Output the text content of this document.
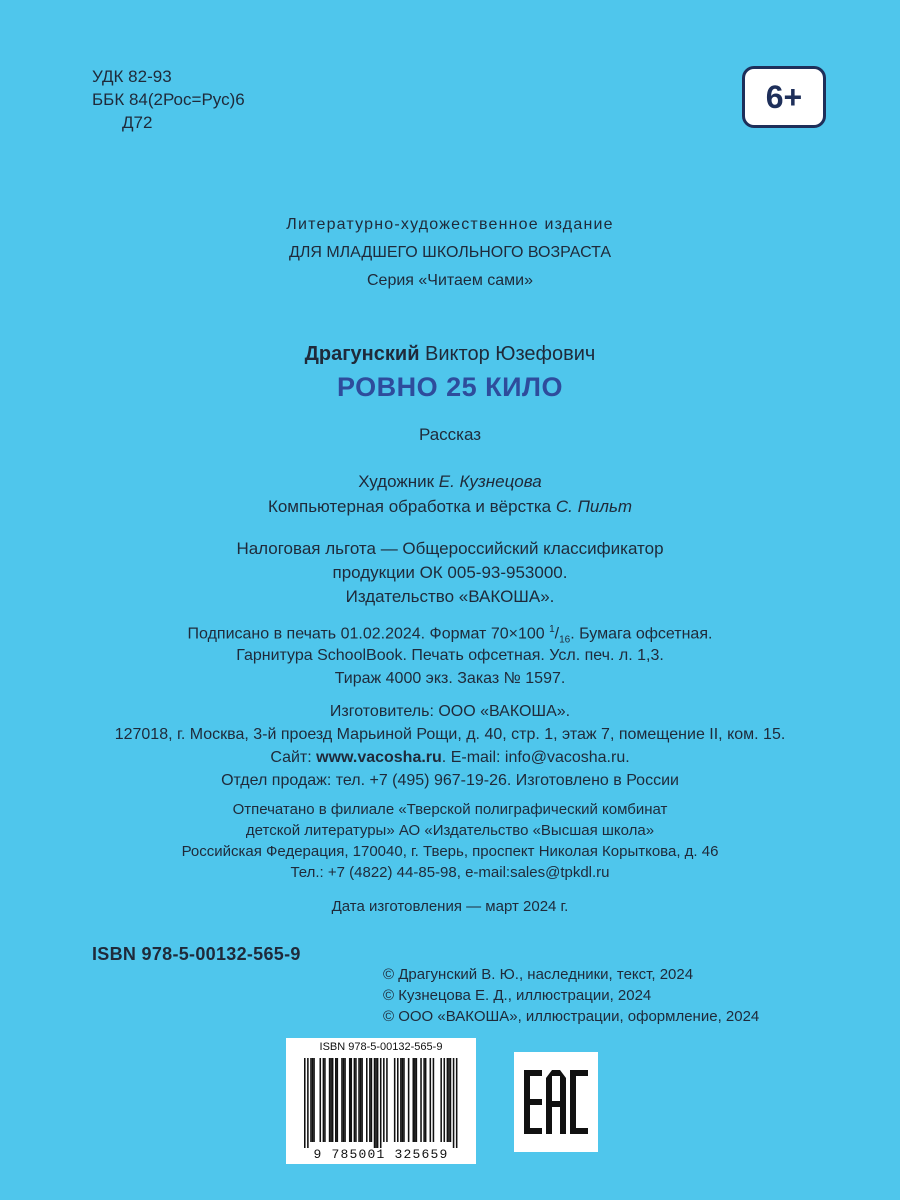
УДК 82-93
ББК 84(2Рос=Рус)6
Д72
6+
Литературно-художественное издание
ДЛЯ МЛАДШЕГО ШКОЛЬНОГО ВОЗРАСТА
Серия «Читаем сами»
Драгунский Виктор Юзефович
РОВНО 25 КИЛО
Рассказ
Художник Е. Кузнецова
Компьютерная обработка и вёрстка С. Пильт
Налоговая льгота — Общероссийский классификатор
продукции ОК 005-93-953000.
Издательство «ВАКОША».
Подписано в печать 01.02.2024. Формат 70×100 $^1/_{16}$. Бумага офсетная.
Гарнитура SchoolBook. Печать офсетная. Усл. печ. л. 1,3.
Тираж 4000 экз. Заказ № 1597.
Изготовитель: ООО «ВАКОША».
127018, г. Москва, 3-й проезд Марьиной Рощи, д. 40, стр. 1, этаж 7, помещение II, ком. 15.
Сайт: www.vacosha.ru. E-mail: info@vacosha.ru.
Отдел продаж: тел. +7 (495) 967-19-26. Изготовлено в России
Отпечатано в филиале «Тверской полиграфический комбинат
детской литературы» АО «Издательство «Высшая школа»
Российская Федерация, 170040, г. Тверь, проспект Николая Корыткова, д. 46
Тел.: +7 (4822) 44-85-98, e-mail:sales@tpkdl.ru
Дата изготовления — март 2024 г.
ISBN 978-5-00132-565-9
© Драгунский В. Ю., наследники, текст, 2024
© Кузнецова Е. Д., иллюстрации, 2024
© ООО «ВАКОША», иллюстрации, оформление, 2024
ISBN 978-5-00132-565-9
9 785001 325659
